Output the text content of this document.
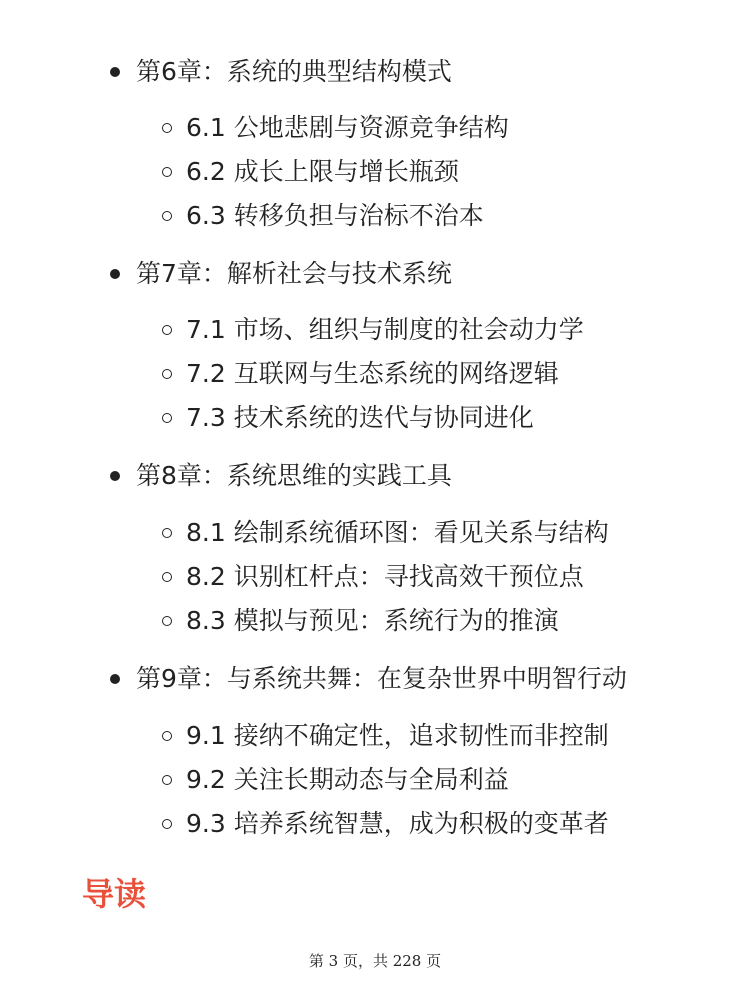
第6章：系统的典型结构模式
6.1 公地悲剧与资源竞争结构
6.2 成长上限与增长瓶颈
6.3 转移负担与治标不治本
第7章：解析社会与技术系统
7.1 市场、组织与制度的社会动力学
7.2 互联网与生态系统的网络逻辑
7.3 技术系统的迭代与协同进化
第8章：系统思维的实践工具
8.1 绘制系统循环图：看见关系与结构
8.2 识别杠杆点：寻找高效干预位点
8.3 模拟与预见：系统行为的推演
第9章：与系统共舞：在复杂世界中明智行动
9.1 接纳不确定性，追求韧性而非控制
9.2 关注长期动态与全局利益
9.3 培养系统智慧，成为积极的变革者
导读
第 3 页，共 228 页
